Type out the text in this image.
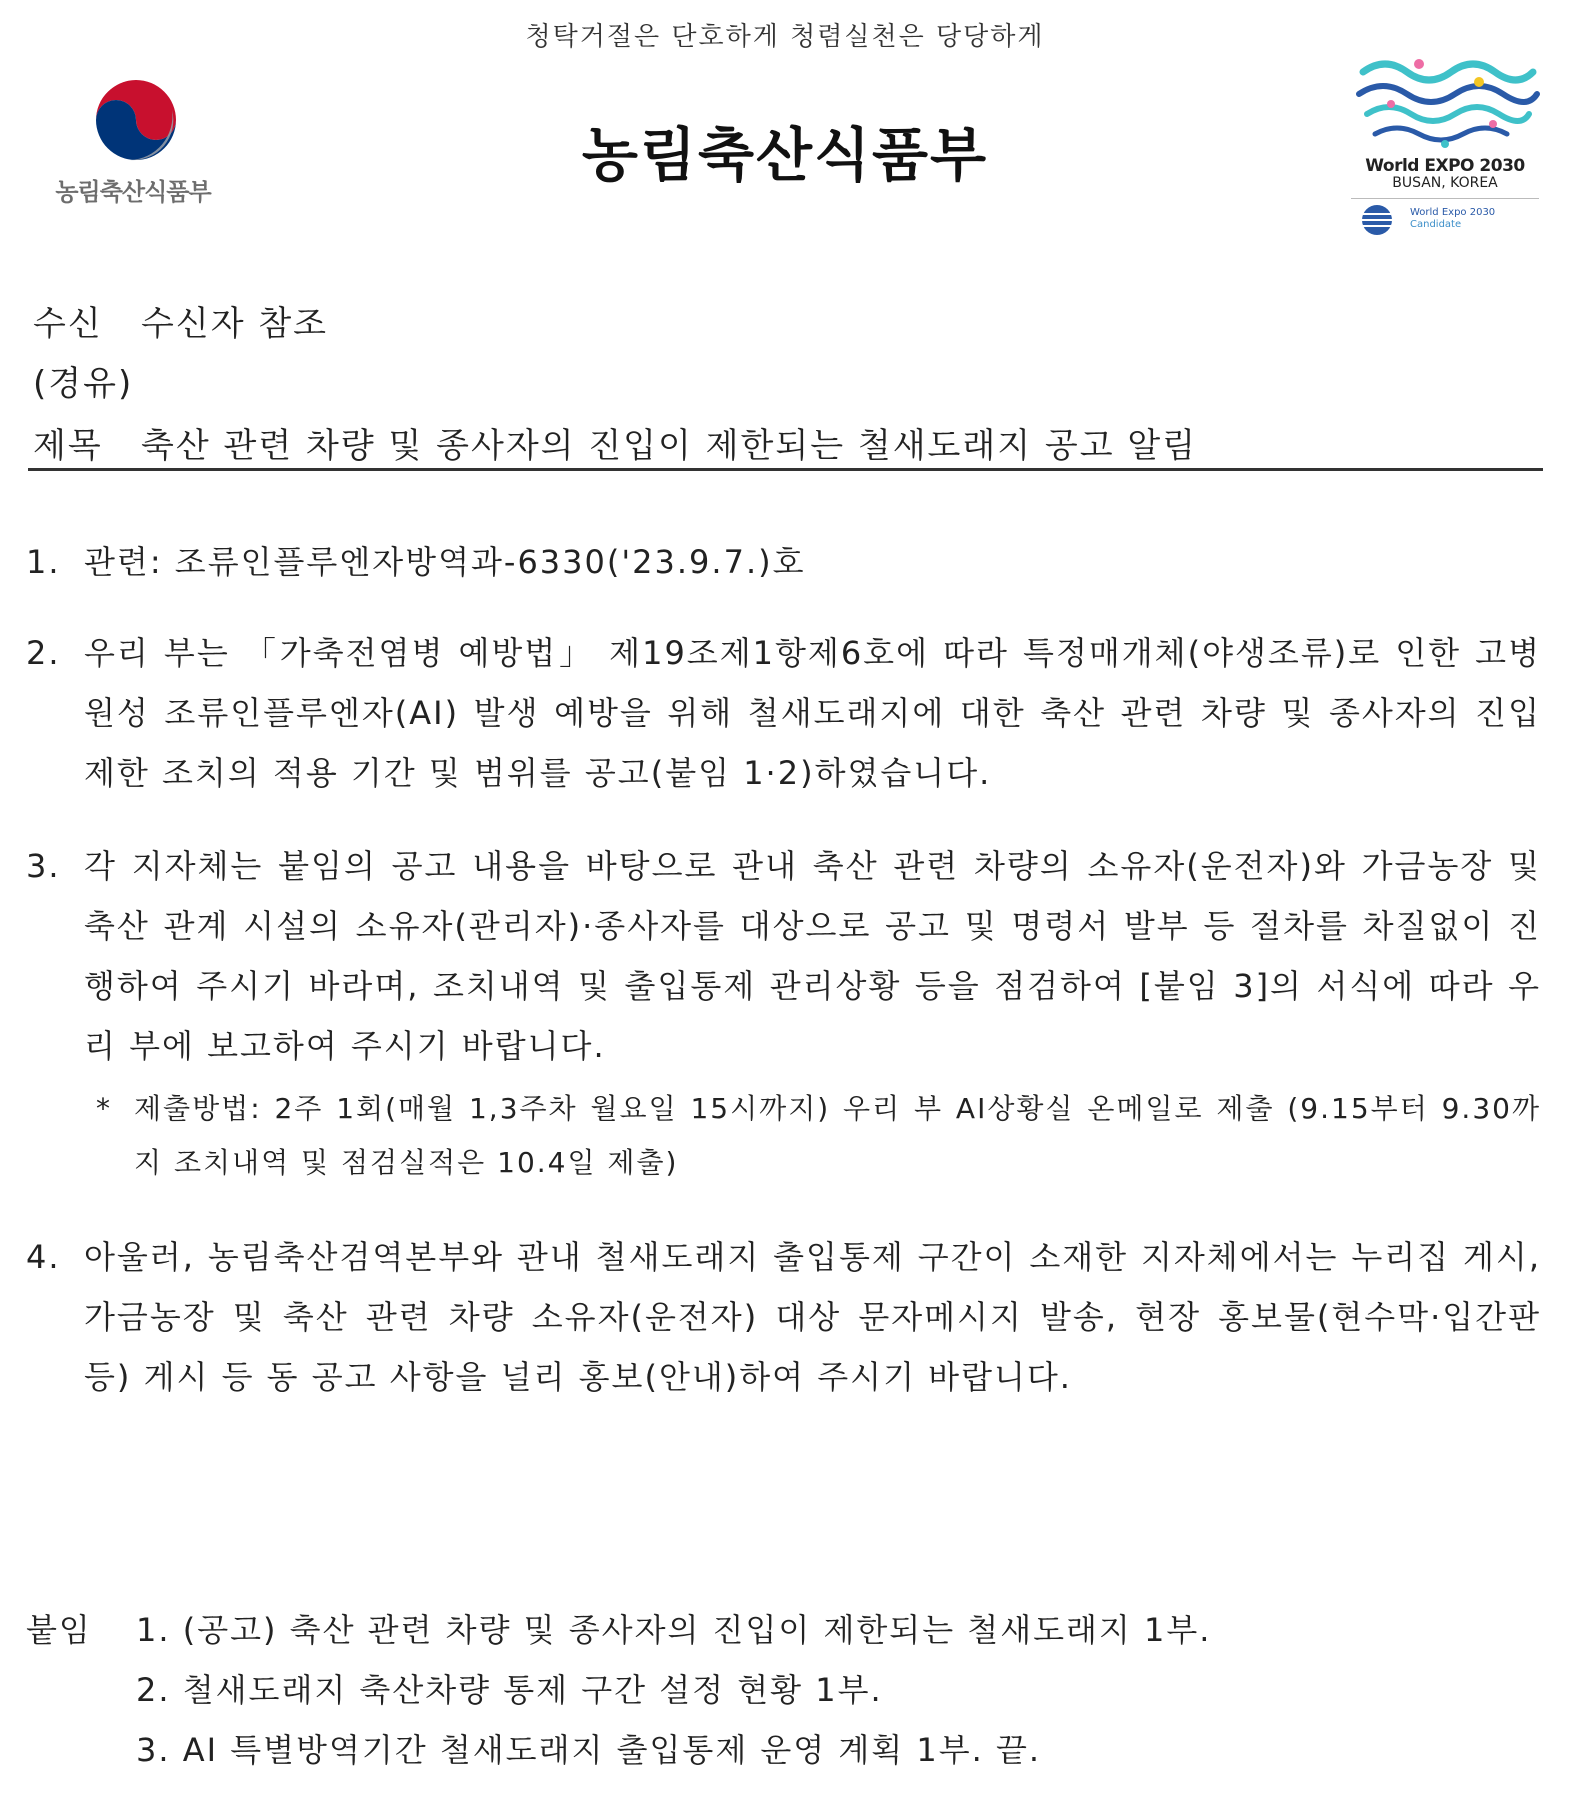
청탁거절은 단호하게 청렴실천은 당당하게
농림축산식품부
농림축산식품부	World EXPO 2030
BUSAN, KOREA
World Expo 2030
Candidate
수신 수신자 참조
(경유)
제목 축산 관련 차량 및 종사자의 진입이 제한되는 철새도래지 공고 알림
1. 관련: 조류인플루엔자방역과-6330('23.9.7.)호
2. 우리 부는 「가축전염병 예방법」 제19조제1항제6호에 따라 특정매개체(야생조류)로 인한 고병원성 조류인플루엔자(AI) 발생 예방을 위해 철새도래지에 대한 축산 관련 차량 및 종사자의 진입 제한 조치의 적용 기간 및 범위를 공고(붙임 1·2)하였습니다.
3. 각 지자체는 붙임의 공고 내용을 바탕으로 관내 축산 관련 차량의 소유자(운전자)와 가금농장 및 축산 관계 시설의 소유자(관리자)·종사자를 대상으로 공고 및 명령서 발부 등 절차를 차질없이 진행하여 주시기 바라며, 조치내역 및 출입통제 관리상황 등을 점검하여 [붙임 3]의 서식에 따라 우리 부에 보고하여 주시기 바랍니다.
* 제출방법: 2주 1회(매월 1,3주차 월요일 15시까지) 우리 부 AI상황실 온메일로 제출 (9.15부터 9.30까지 조치내역 및 점검실적은 10.4일 제출)
4. 아울러, 농림축산검역본부와 관내 철새도래지 출입통제 구간이 소재한 지자체에서는 누리집 게시, 가금농장 및 축산 관련 차량 소유자(운전자) 대상 문자메시지 발송, 현장 홍보물(현수막·입간판 등) 게시 등 동 공고 사항을 널리 홍보(안내)하여 주시기 바랍니다.
붙임 1. (공고) 축산 관련 차량 및 종사자의 진입이 제한되는 철새도래지 1부.
2. 철새도래지 축산차량 통제 구간 설정 현황 1부.
3. AI 특별방역기간 철새도래지 출입통제 운영 계획 1부. 끝.
